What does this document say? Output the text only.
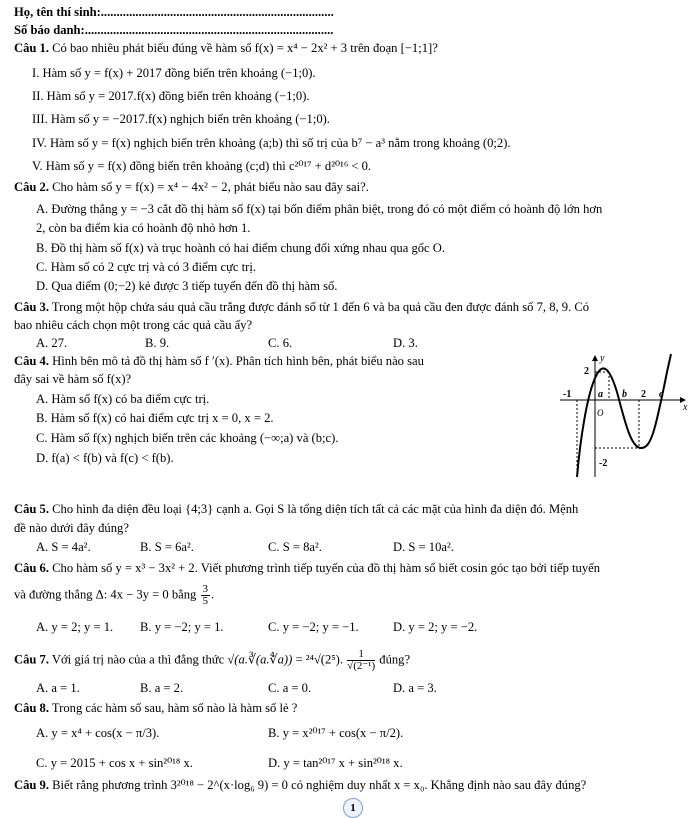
Họ, tên thí sinh:..........................................................................
Số báo danh:...............................................................................
Câu 1. Có bao nhiêu phát biểu đúng về hàm số f(x) = x⁴ − 2x² + 3 trên đoạn [−1;1]?
I. Hàm số y = f(x) + 2017 đồng biến trên khoảng (−1;0).
II. Hàm số y = 2017.f(x) đồng biến trên khoảng (−1;0).
III. Hàm số y = −2017.f(x) nghịch biến trên khoảng (−1;0).
IV. Hàm số y = f(x) nghịch biến trên khoảng (a;b) thì số trị của b⁷ − a³ nằm trong khoảng (0;2).
V. Hàm số y = f(x) đồng biến trên khoảng (c;d) thì c²⁰¹⁷ + d²⁰¹⁶ < 0.
Câu 2. Cho hàm số y = f(x) = x⁴ − 4x² − 2, phát biểu nào sau đây sai?.
A. Đường thẳng y = −3 cắt đồ thị hàm số f(x) tại bốn điểm phân biệt, trong đó có một điểm có hoành độ lớn hơn
2, còn ba điểm kia có hoành độ nhỏ hơn 1.
B. Đồ thị hàm số f(x) và trục hoành có hai điểm chung đối xứng nhau qua gốc O.
C. Hàm số có 2 cực trị và có 3 điểm cực trị.
D. Qua điểm (0;−2) kẻ được 3 tiếp tuyến đến đồ thị hàm số.
Câu 3. Trong một hộp chứa sáu quả cầu trắng được đánh số từ 1 đến 6 và ba quả cầu đen được đánh số 7, 8, 9. Có
bao nhiêu cách chọn một trong các quả cầu ấy?
A. 27.	B. 9.	C. 6.	D. 3.
Câu 4. Hình bên mô tả đồ thị hàm số f ′(x). Phân tích hình bên, phát biểu nào sau
đây sai về hàm số f(x)?
A. Hàm số f(x) có ba điểm cực trị.
B. Hàm số f(x) có hai điểm cực trị x = 0, x = 2.
C. Hàm số f(x) nghịch biến trên các khoảng (−∞;a) và (b;c).
D. f(a) < f(b) và f(c) < f(b).
y
x
2
-2
-1	a
O
b 2 c
Câu 5. Cho hình đa diện đều loại {4;3} cạnh a. Gọi S là tổng diện tích tất cả các mặt của hình đa diện đó. Mệnh
đề nào dưới đây đúng?
A. S = 4a².	B. S = 6a².	C. S = 8a².	D. S = 10a².
Câu 6. Cho hàm số y = x³ − 3x² + 2. Viết phương trình tiếp tuyến của đồ thị hàm số biết cosin góc tạo bởi tiếp tuyến
và đường thẳng Δ: 4x − 3y = 0 bằng $\frac{3}{5}$ .
A. y = 2; y = 1. B. y = −2; y = 1.	C. y = −2; y = −1.	D. y = 2; y = −2.
Câu 7. Với giá trị nào của a thì đẳng thức √(a.∛(a.∜a)) = ²⁴√(2⁵). $\frac{1}{\text{√(2⁻¹)}}$ đúng?
A. a = 1.	B. a = 2.	C. a = 0.	D. a = 3.
Câu 8. Trong các hàm số sau, hàm số nào là hàm số lẻ ?
A. y = x⁴ + cos(x − π/3).	B. y = x²⁰¹⁷ + cos(x − π/2).
C. y = 2015 + cos x + sin²⁰¹⁸ x.	D. y = tan²⁰¹⁷ x + sin²⁰¹⁸ x.
Câu 9. Biết rằng phương trình 3²⁰¹⁸ − 2^(x·log₆ 9) = 0 có nghiệm duy nhất x = x₀. Khẳng định nào sau đây đúng?
1
